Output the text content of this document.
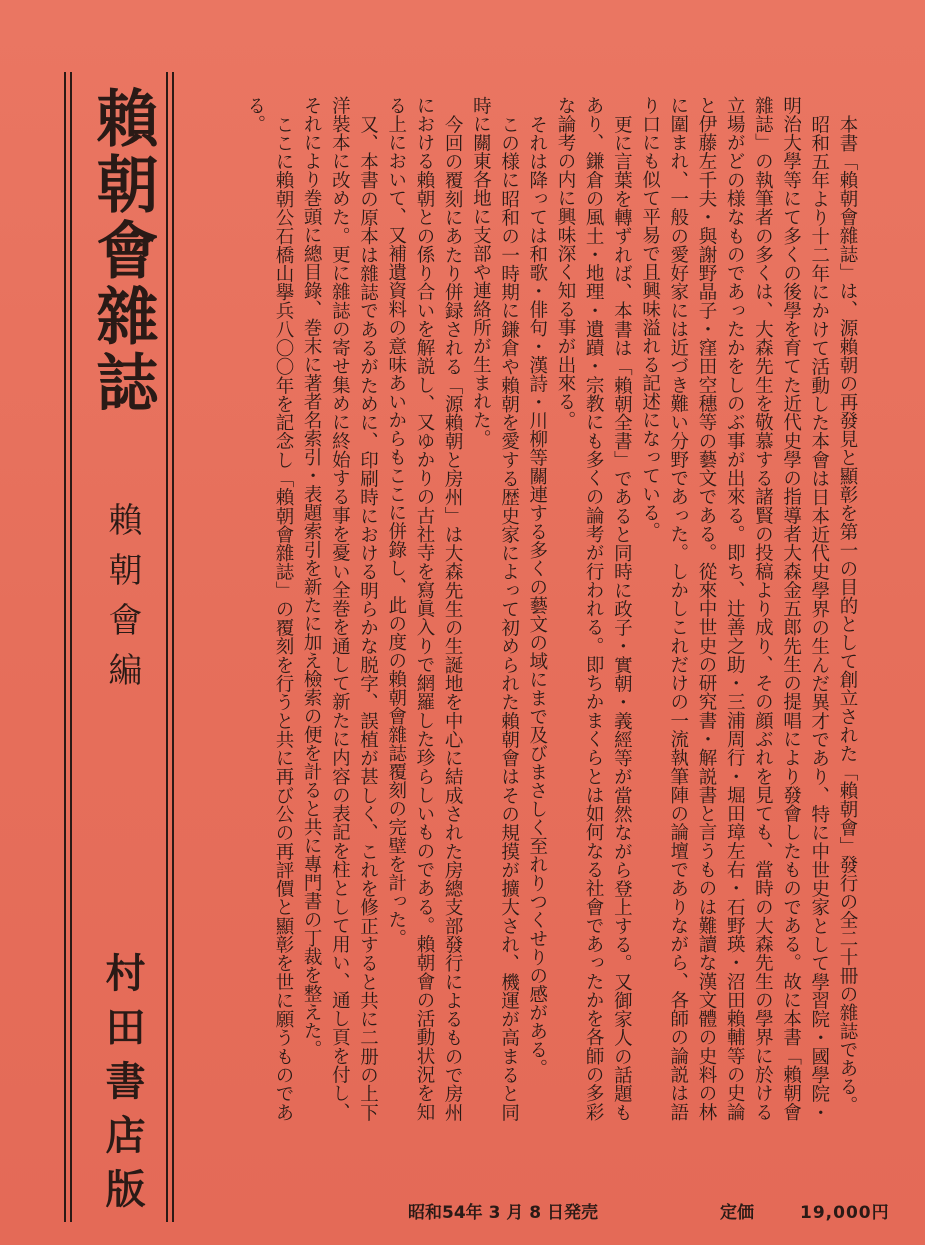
賴朝會雜誌
賴朝會編
村田書店版	本書「賴朝會雜誌」は、源賴朝の再發見と顯彰を第一の目的として創立された「賴朝會」發行の全二十冊の雜誌である。

昭和五年より十二年にかけて活動した本會は日本近代史學界の生んだ異才であり、特に中世史家として學習院・國學院・明治大學等にて多くの後學を育てた近代史學の指導者大森金五郎先生の提唱により發會したものである。故に本書「賴朝會雜誌」の執筆者の多くは、大森先生を敬慕する諸賢の投稿より成り、その顔ぶれを見ても、當時の大森先生の學界に於ける立場がどの様なものであったかをしのぶ事が出來る。即ち、辻善之助・三浦周行・堀田璋左右・石野瑛・沼田賴輔等の史論と伊藤左千夫・與謝野晶子・窪田空穗等の藝文である。從來中世史の研究書・解説書と言うものは難讀な漢文體の史料の林に圍まれ、一般の愛好家には近づき難い分野であった。しかしこれだけの一流執筆陣の論壇でありながら、各師の論説は語り口にも似て平易で且興味溢れる記述になっている。

更に言葉を轉ずれば、本書は「賴朝全書」であると同時に政子・實朝・義經等が當然ながら登上する。又御家人の話題もあり、鎌倉の風土・地理・遺蹟・宗教にも多くの論考が行われる。即ちかまくらとは如何なる社會であったかを各師の多彩な論考の内に興味深く知る事が出來る。

それは降っては和歌・俳句・漢詩・川柳等關連する多くの藝文の域にまで及びまさしく至れりつくせりの感がある。

この様に昭和の一時期に鎌倉や賴朝を愛する歴史家によって初められた賴朝會はその規摸が擴大され、機運が高まると同時に關東各地に支部や連絡所が生まれた。

今回の覆刻にあたり併録される「源賴朝と房州」は大森先生の生誕地を中心に結成された房總支部發行によるもので房州における賴朝との係り合いを解説し、又ゆかりの古社寺を寫眞入りで網羅した珍らしいものである。賴朝會の活動状況を知る上において、又補遺資料の意味あいからもここに併錄し、此の度の賴朝會雜誌覆刻の完壁を計った。

又、本書の原本は雜誌であるがために、印刷時における明らかな脱字、誤植が甚しく、これを修正すると共に二册の上下洋裝本に改めた。更に雜誌の寄せ集めに終始する事を憂い全巻を通して新たに内容の表記を柱として用い、通し頁を付し、それにより巻頭に總目錄、巻末に著者名索引・表題索引を新たに加え檢索の便を計ると共に專門書の丁裁を整えた。

ここに賴朝公石橋山擧兵八〇〇年を記念し「賴朝會雜誌」の覆刻を行うと共に再び公の再評價と顯彰を世に願うものである。

昭和54年 3 月 8 日発売	定価	19,000円
